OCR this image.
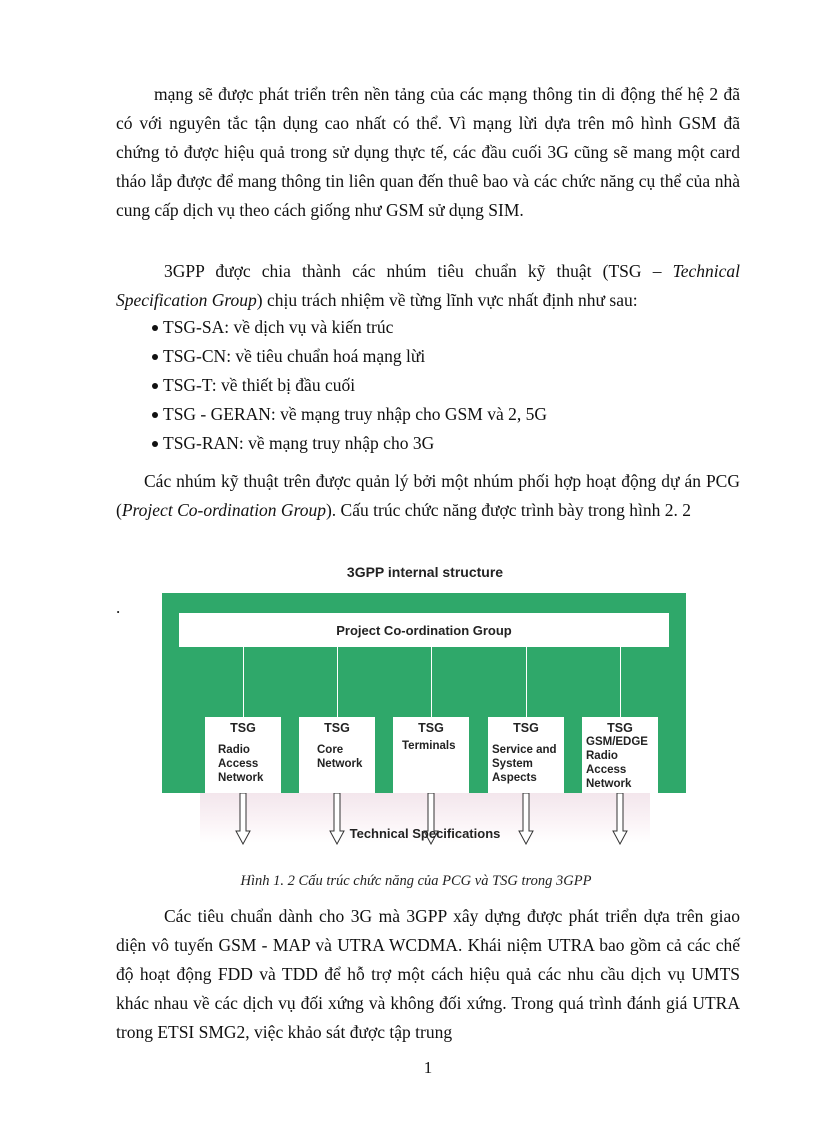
mạng sẽ được phát triển trên nền tảng của các mạng thông tin di động thế hệ 2 đã có với nguyên tắc tận dụng cao nhất có thể. Vì mạng lừi dựa trên mô hình GSM đã chứng tỏ được hiệu quả trong sử dụng thực tế, các đầu cuối 3G cũng sẽ mang một card tháo lắp được để mang thông tin liên quan đến thuê bao và các chức năng cụ thể của nhà cung cấp dịch vụ theo cách giống như GSM sử dụng SIM.

3GPP được chia thành các nhúm tiêu chuẩn kỹ thuật (TSG – Technical Specification Group) chịu trách nhiệm về từng lĩnh vực nhất định như sau:

TSG-SA: về dịch vụ và kiến trúc
TSG-CN: về tiêu chuẩn hoá mạng lừi
TSG-T: về thiết bị đầu cuối
TSG - GERAN: về mạng truy nhập cho GSM và 2, 5G
TSG-RAN: về mạng truy nhập cho 3G

Các nhúm kỹ thuật trên được quản lý bởi một nhúm phối hợp hoạt động dự án PCG (Project Co-ordination Group). Cấu trúc chức năng được trình bày trong hình 2. 2

.
3GPP internal structure
Project Co-ordination Group
TSG
Radio
Access
Network
TSG
Core
Network
TSG
Terminals
TSG
Service and
System
Aspects
TSG
GSM/EDGE
Radio
Access
Network
Technical Specifications
Hình 1. 2 Cấu trúc chức năng của PCG và TSG trong 3GPP

Các tiêu chuẩn dành cho 3G mà 3GPP xây dựng được phát triển dựa trên giao diện vô tuyến GSM - MAP và UTRA WCDMA. Khái niệm UTRA bao gồm cả các chế độ hoạt động FDD và TDD để hỗ trợ một cách hiệu quả các nhu cầu dịch vụ UMTS khác nhau về các dịch vụ đối xứng và không đối xứng. Trong quá trình đánh giá UTRA trong ETSI SMG2, việc khảo sát được tập trung

1
